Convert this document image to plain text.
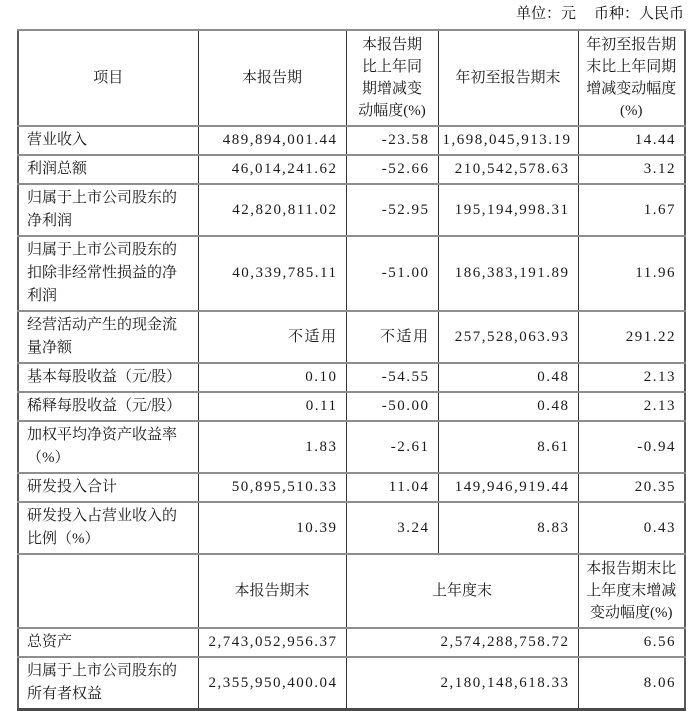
单位：元 币种：人民币
项目	本报告期	本报告期比上年同期增减变动幅度(%)	年初至报告期末	年初至报告期末比上年同期增减变动幅度(%)
营业收入	489,894,001.44	-23.58	1,698,045,913.19	14.44
利润总额	46,014,241.62	-52.66	210,542,578.63	3.12
归属于上市公司股东的净利润	42,820,811.02	-52.95	195,194,998.31	1.67
归属于上市公司股东的扣除非经常性损益的净利润	40,339,785.11	-51.00	186,383,191.89	11.96
经营活动产生的现金流量净额	不适用	不适用	257,528,063.93	291.22
基本每股收益（元/股）	0.10	-54.55	0.48	2.13
稀释每股收益（元/股）	0.11	-50.00	0.48	2.13
加权平均净资产收益率（%）	1.83	-2.61	8.61	-0.94
研发投入合计	50,895,510.33	11.04	149,946,919.44	20.35
研发投入占营业收入的比例（%）	10.39	3.24	8.83	0.43
	本报告期末	上年度末		本报告期末比上年度末增减变动幅度(%)
总资产	2,743,052,956.37	2,574,288,758.72		6.56
归属于上市公司股东的所有者权益	2,355,950,400.04	2,180,148,618.33		8.06
